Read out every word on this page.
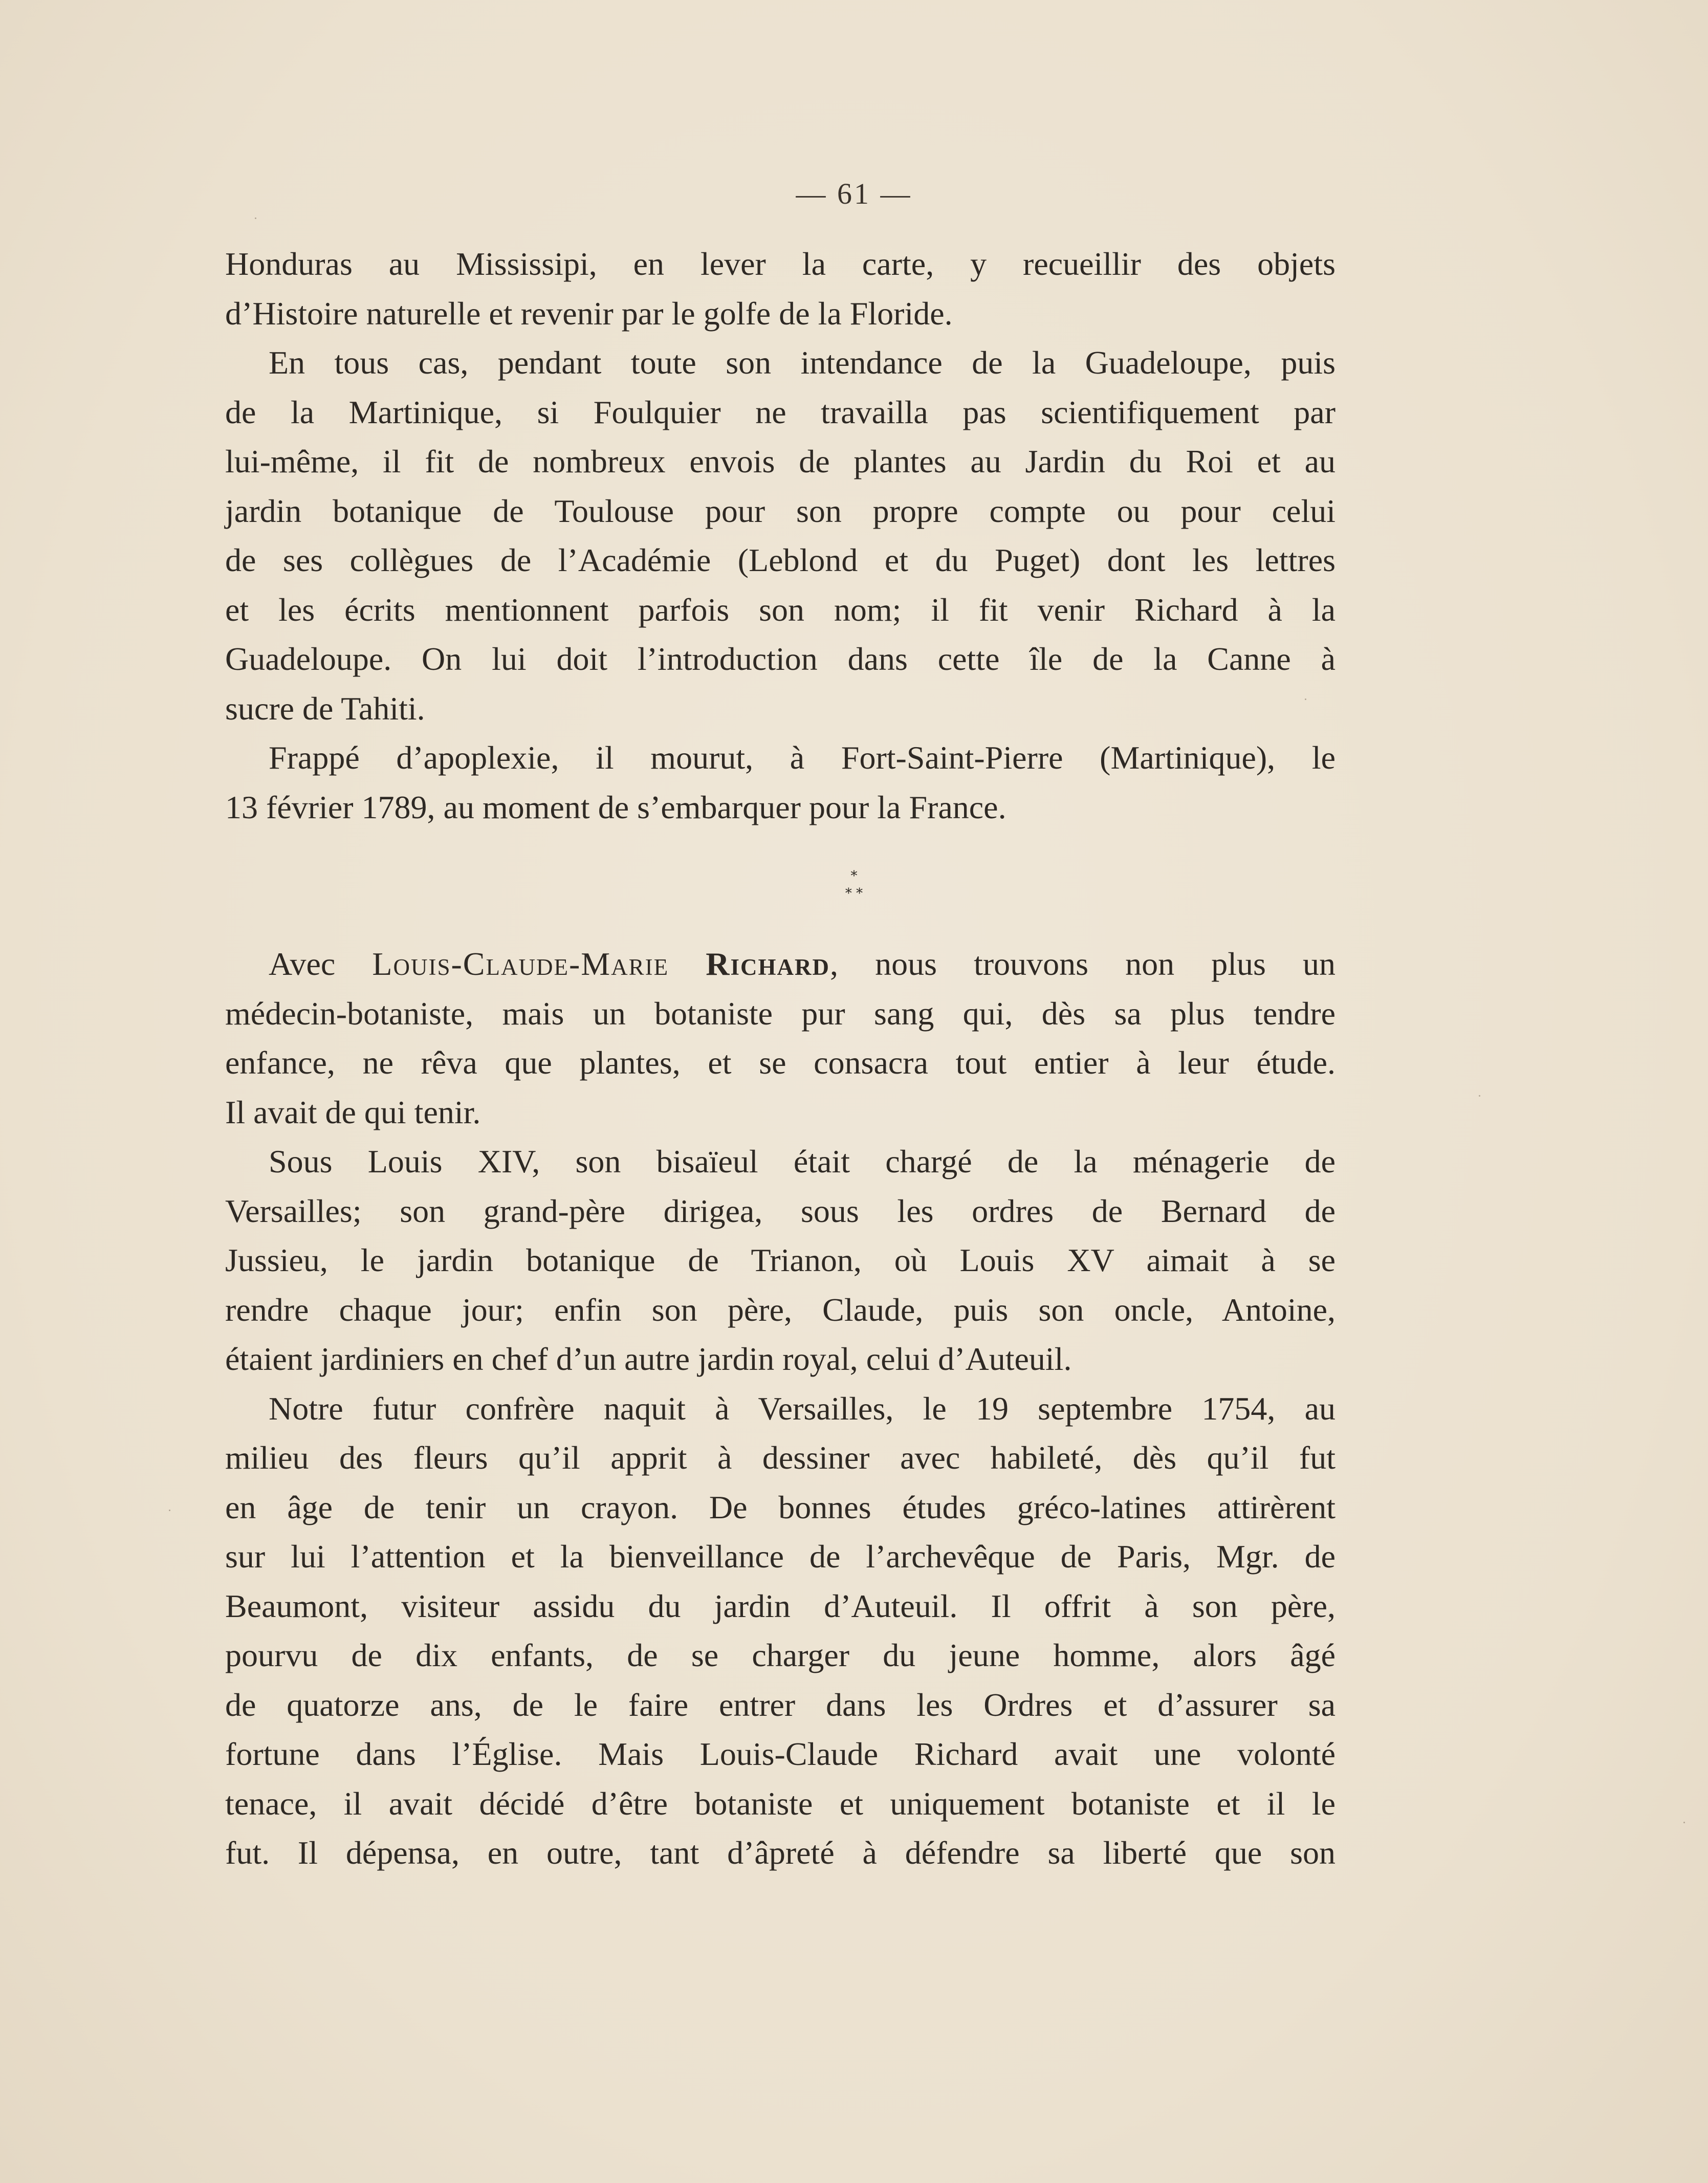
— 61 —

Honduras au Mississipi, en lever la carte, y recueillir des objets
d’Histoire naturelle et revenir par le golfe de la Floride.

En tous cas, pendant toute son intendance de la Guadeloupe, puis
de la Martinique, si Foulquier ne travailla pas scientifiquement par
lui-même, il fit de nombreux envois de plantes au Jardin du Roi et au
jardin botanique de Toulouse pour son propre compte ou pour celui
de ses collègues de l’Académie (Leblond et du Puget) dont les lettres
et les écrits mentionnent parfois son nom; il fit venir Richard à la
Guadeloupe. On lui doit l’introduction dans cette île de la Canne à
sucre de Tahiti.

Frappé d’apoplexie, il mourut, à Fort-Saint-Pierre (Martinique), le
13 février 1789, au moment de s’embarquer pour la France.

*
* *

Avec Louis-Claude-Marie Richard, nous trouvons non plus un
médecin-botaniste, mais un botaniste pur sang qui, dès sa plus tendre
enfance, ne rêva que plantes, et se consacra tout entier à leur étude.
Il avait de qui tenir.

Sous Louis XIV, son bisaïeul était chargé de la ménagerie de
Versailles; son grand-père dirigea, sous les ordres de Bernard de
Jussieu, le jardin botanique de Trianon, où Louis XV aimait à se
rendre chaque jour; enfin son père, Claude, puis son oncle, Antoine,
étaient jardiniers en chef d’un autre jardin royal, celui d’Auteuil.

Notre futur confrère naquit à Versailles, le 19 septembre 1754, au
milieu des fleurs qu’il apprit à dessiner avec habileté, dès qu’il fut
en âge de tenir un crayon. De bonnes études gréco-latines attirèrent
sur lui l’attention et la bienveillance de l’archevêque de Paris, Mgr. de
Beaumont, visiteur assidu du jardin d’Auteuil. Il offrit à son père,
pourvu de dix enfants, de se charger du jeune homme, alors âgé
de quatorze ans, de le faire entrer dans les Ordres et d’assurer sa
fortune dans l’Église. Mais Louis-Claude Richard avait une volonté
tenace, il avait décidé d’être botaniste et uniquement botaniste et il le
fut. Il dépensa, en outre, tant d’âpreté à défendre sa liberté que son
